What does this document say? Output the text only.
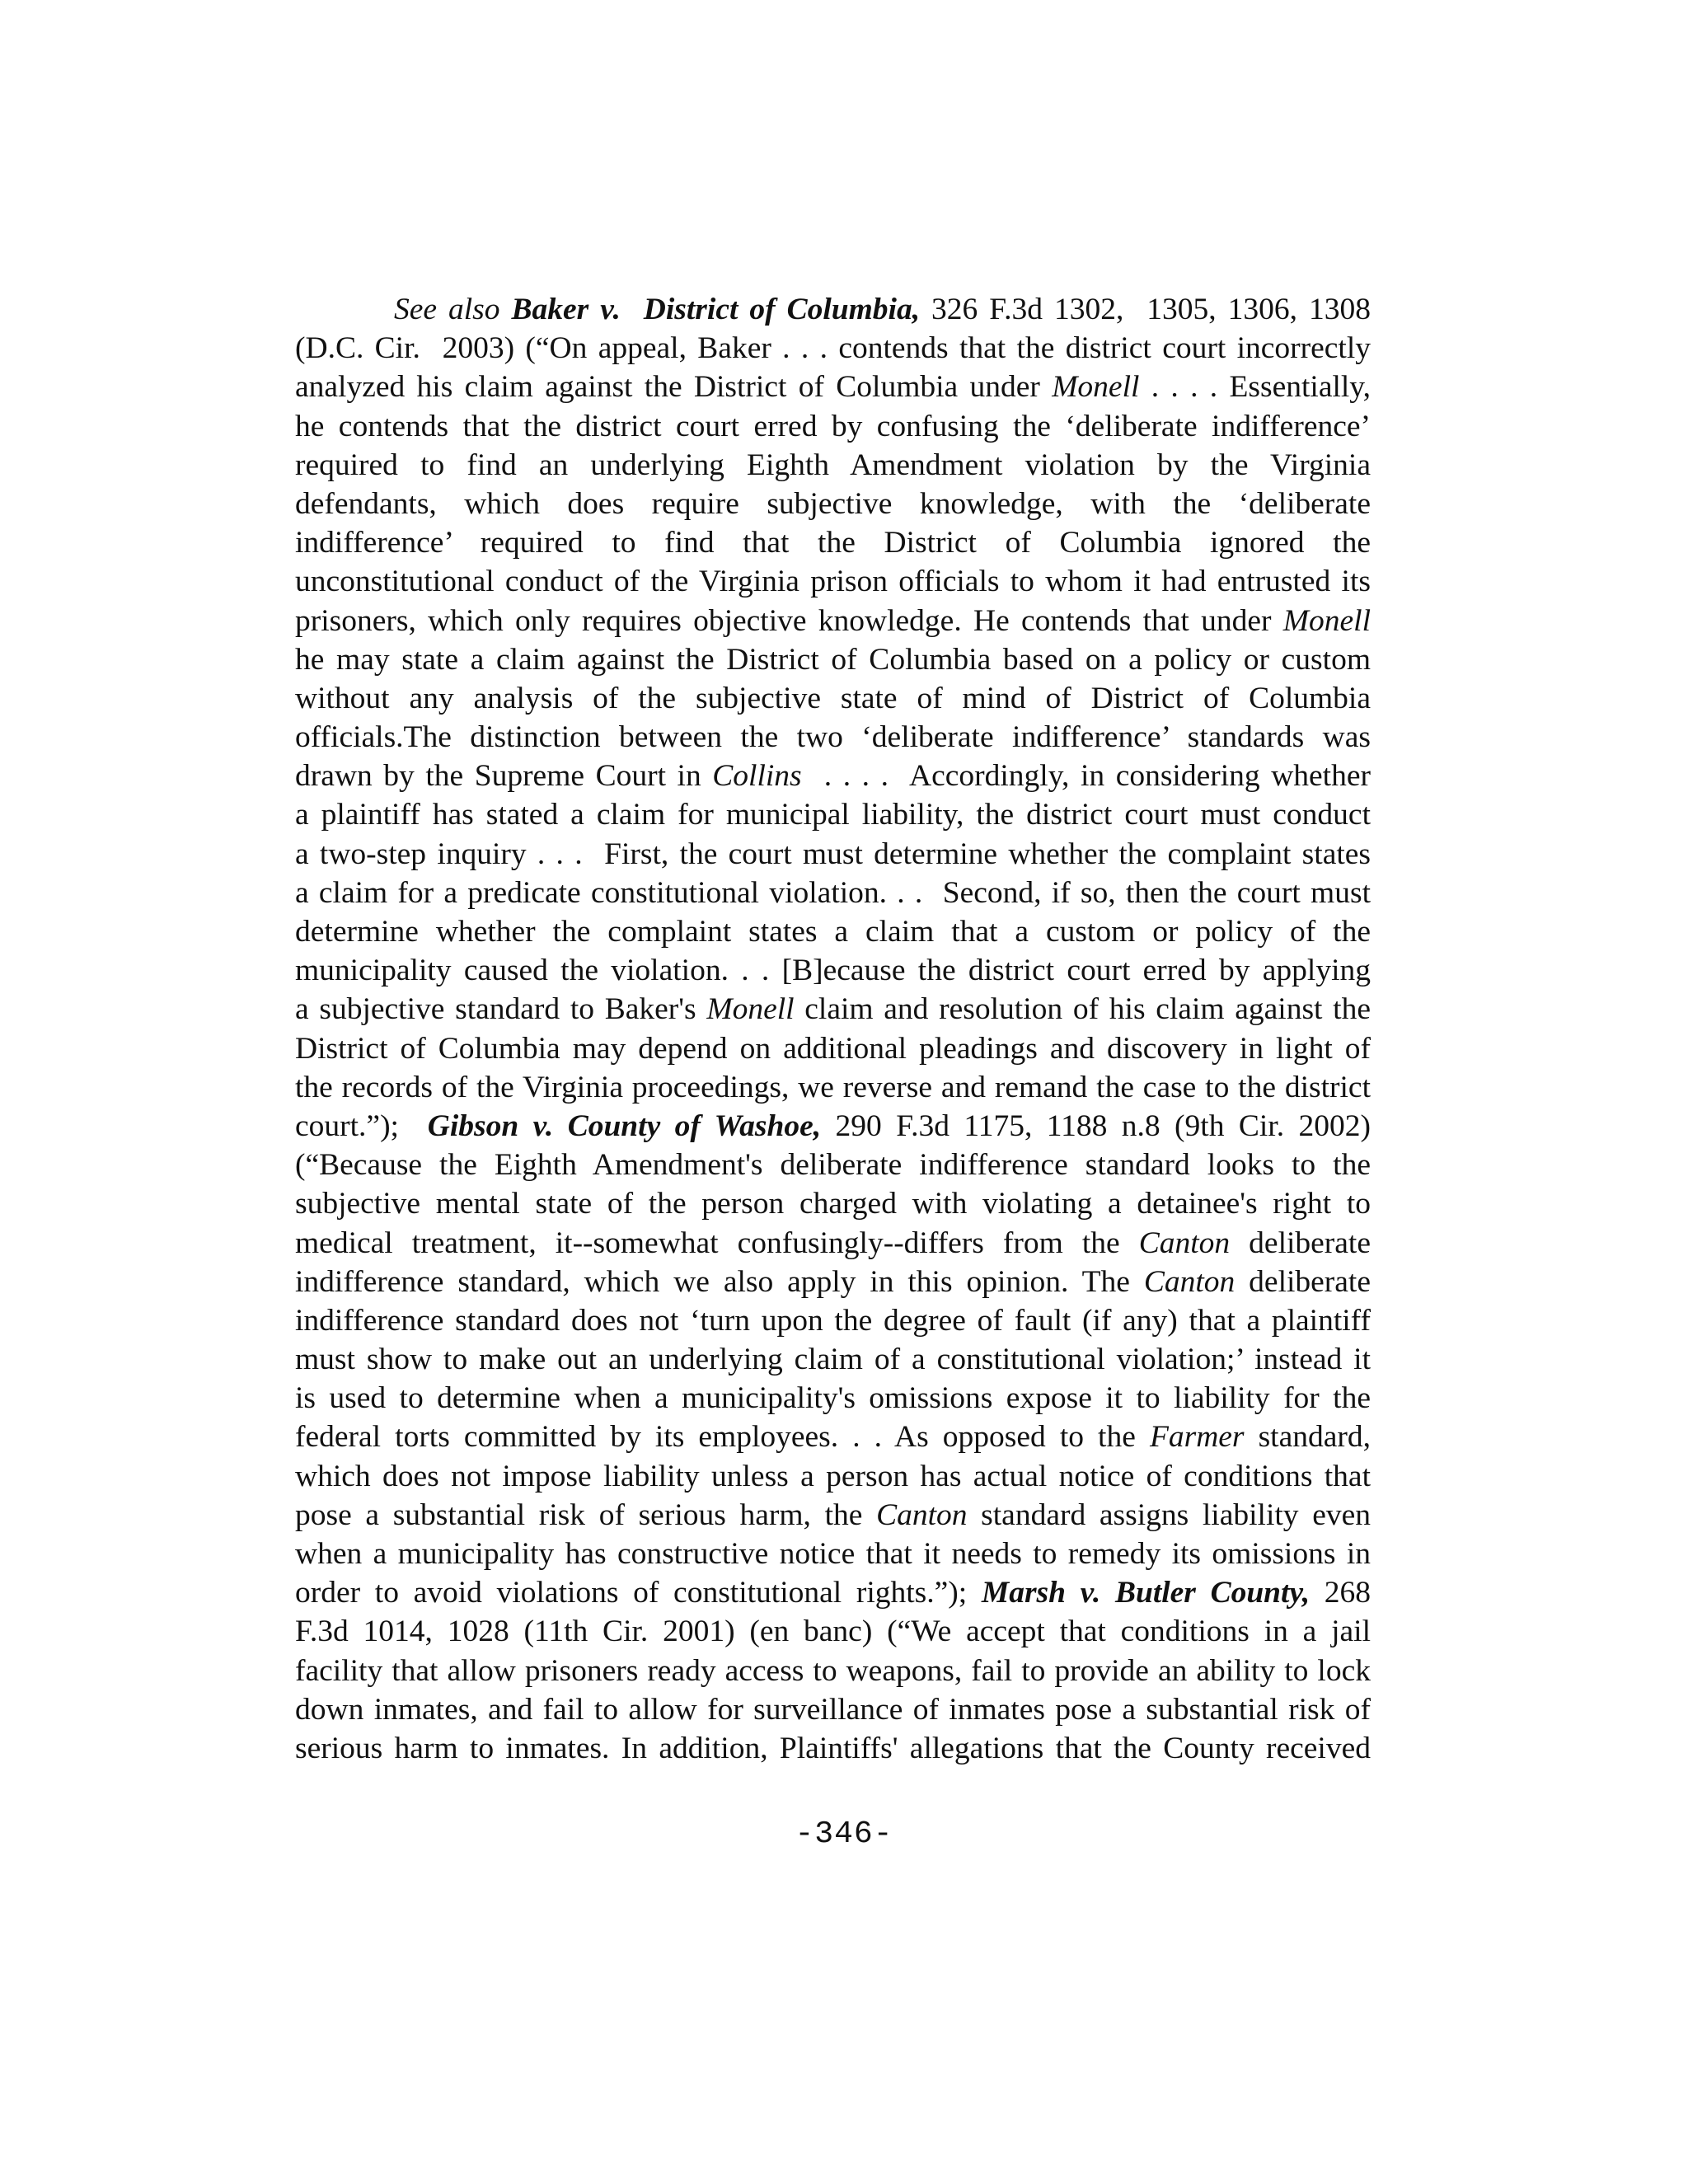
See also Baker v.  District of Columbia, 326 F.3d 1302,  1305, 1306, 1308
(D.C. Cir.  2003) (“On appeal, Baker . . . contends that the district court incorrectly
analyzed his claim against the District of Columbia under Monell . . . . Essentially,
he contends that the district court erred by confusing the ‘deliberate indifference’
required to find an underlying Eighth Amendment violation by the Virginia
defendants, which does require subjective knowledge, with the ‘deliberate
indifference’ required to find that the District of Columbia ignored the
unconstitutional conduct of the Virginia prison officials to whom it had entrusted its
prisoners, which only requires objective knowledge. He contends that under Monell
he may state a claim against the District of Columbia based on a policy or custom
without any analysis of the subjective state of mind of District of Columbia
officials.The distinction between the two ‘deliberate indifference’ standards was
drawn by the Supreme Court in Collins  . . . .  Accordingly, in considering whether
a plaintiff has stated a claim for municipal liability, the district court must conduct
a two-step inquiry . . .  First, the court must determine whether the complaint states
a claim for a predicate constitutional violation. . .  Second, if so, then the court must
determine whether the complaint states a claim that a custom or policy of the
municipality caused the violation. . . [B]ecause the district court erred by applying
a subjective standard to Baker's Monell claim and resolution of his claim against the
District of Columbia may depend on additional pleadings and discovery in light of
the records of the Virginia proceedings, we reverse and remand the case to the district
court.”);  Gibson v. County of Washoe, 290 F.3d 1175, 1188 n.8 (9th Cir. 2002)
(“Because the Eighth Amendment's deliberate indifference standard looks to the
subjective mental state of the person charged with violating a detainee's right to
medical treatment, it--somewhat confusingly--differs from the Canton deliberate
indifference standard, which we also apply in this opinion. The Canton deliberate
indifference standard does not ‘turn upon the degree of fault (if any) that a plaintiff
must show to make out an underlying claim of a constitutional violation;’ instead it
is used to determine when a municipality's omissions expose it to liability for the
federal torts committed by its employees. . . As opposed to the Farmer standard,
which does not impose liability unless a person has actual notice of conditions that
pose a substantial risk of serious harm, the Canton standard assigns liability even
when a municipality has constructive notice that it needs to remedy its omissions in
order to avoid violations of constitutional rights.”); Marsh v. Butler County, 268
F.3d 1014, 1028 (11th Cir. 2001) (en banc) (“We accept that conditions in a jail
facility that allow prisoners ready access to weapons, fail to provide an ability to lock
down inmates, and fail to allow for surveillance of inmates pose a substantial risk of
serious harm to inmates. In addition, Plaintiffs' allegations that the County received
-346-
